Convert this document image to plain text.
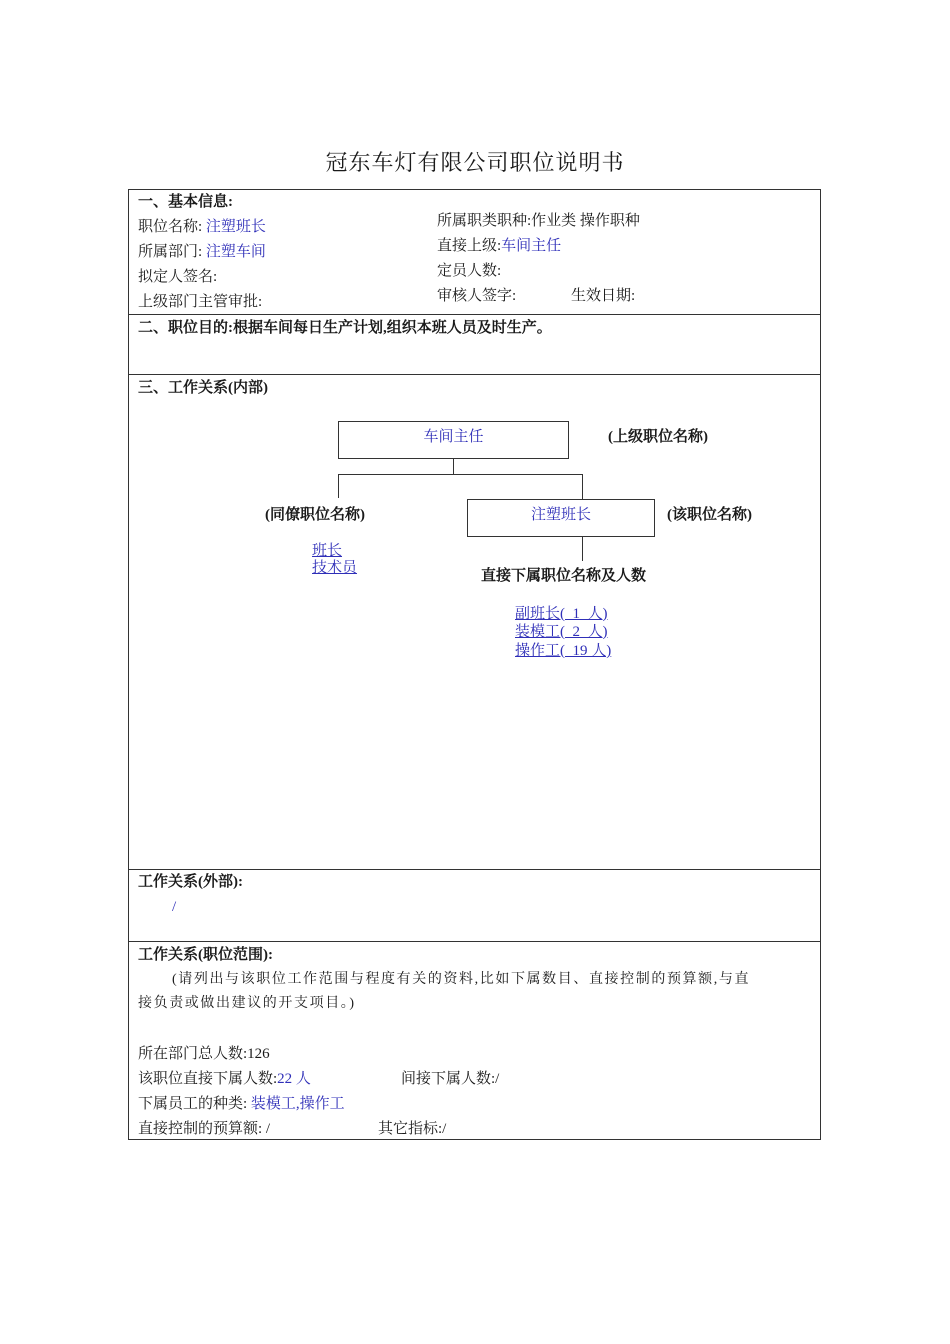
冠东车灯有限公司职位说明书
一、基本信息:
职位名称: 注塑班长
所属部门: 注塑车间
拟定人签名:
上级部门主管审批:
所属职类职种:作业类 操作职种
直接上级:车间主任
定员人数:
审核人签字:	生效日期:
二、职位目的:根据车间每日生产计划,组织本班人员及时生产。
三、工作关系(内部)
车间主任	(上级职位名称)
(同僚职位名称)	注塑班长	(该职位名称)
班长
技术员	直接下属职位名称及人数
副班长(  1  人)
装模工(  2  人)
操作工(  19 人)
工作关系(外部):
/
工作关系(职位范围):
(请列出与该职位工作范围与程度有关的资料,比如下属数目、直接控制的预算额,与直
接负责或做出建议的开支项目。)
所在部门总人数:126
该职位直接下属人数:22 人	间接下属人数:/
下属员工的种类: 装模工,操作工
直接控制的预算额: /	其它指标:/
